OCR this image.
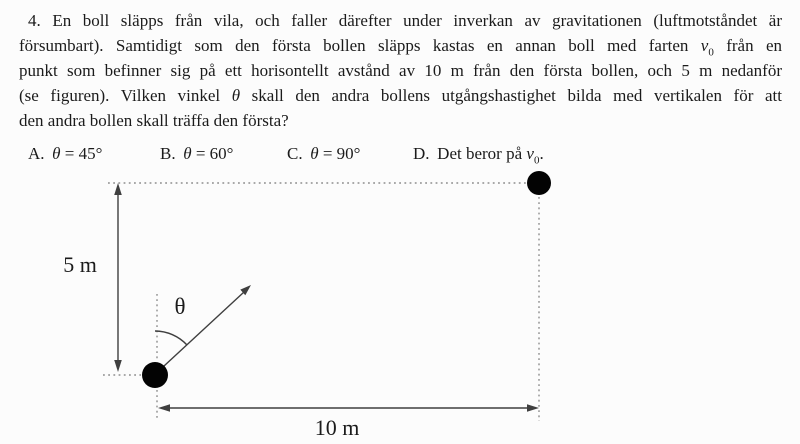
4. En boll släpps från vila, och faller därefter under inverkan av gravitationen (luftmotståndet är
försumbart). Samtidigt som den första bollen släpps kastas en annan boll med farten $v_0$ från en
punkt som befinner sig på ett horisontellt avstånd av 10 m från den första bollen, och 5 m nedanför
(se figuren). Vilken vinkel θ skall den andra bollens utgångshastighet bilda med vertikalen för att
den andra bollen skall träffa den första?
A. θ = 45°	B. θ = 60°	C. θ = 90°	D. Det beror på $v_0$.
5 m
10 m
θ
